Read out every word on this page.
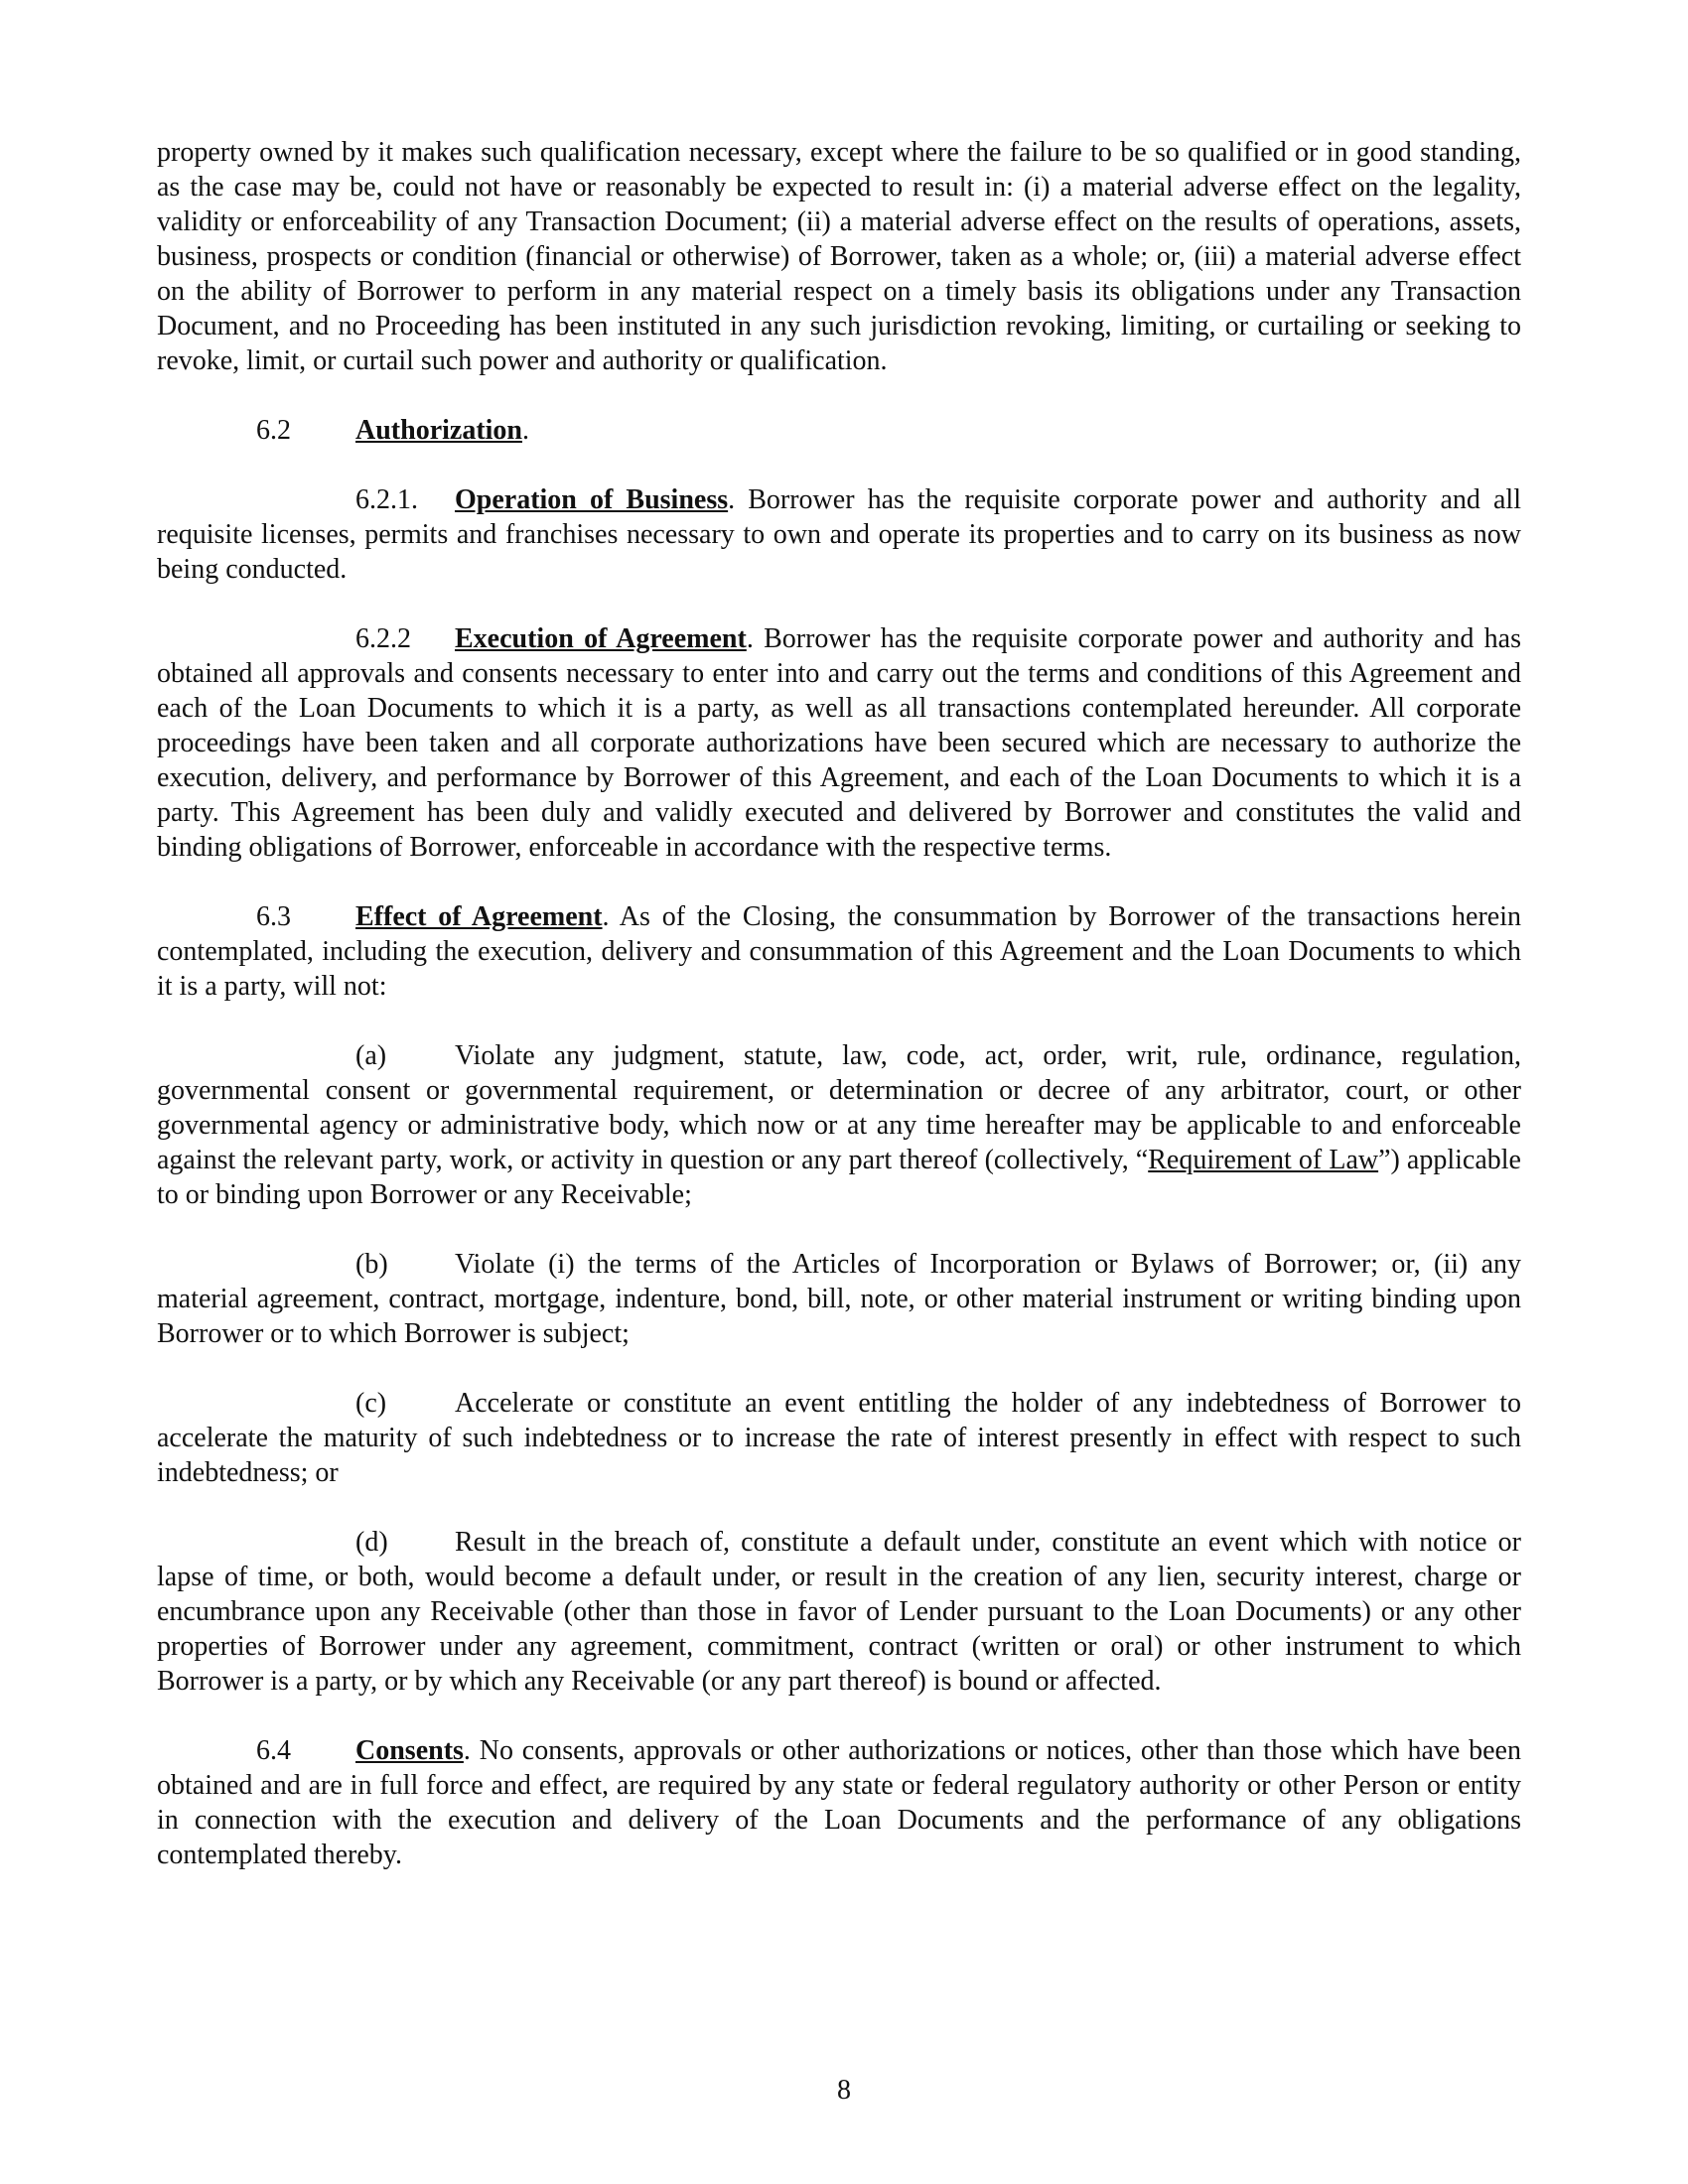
property owned by it makes such qualification necessary, except where the failure to be so qualified or in good standing, as the case may be, could not have or reasonably be expected to result in: (i) a material adverse effect on the legality, validity or enforceability of any Transaction Document; (ii) a material adverse effect on the results of operations, assets, business, prospects or condition (financial or otherwise) of Borrower, taken as a whole; or, (iii) a material adverse effect on the ability of Borrower to perform in any material respect on a timely basis its obligations under any Transaction Document, and no Proceeding has been instituted in any such jurisdiction revoking, limiting, or curtailing or seeking to revoke, limit, or curtail such power and authority or qualification.

6.2 Authorization.

6.2.1. Operation of Business. Borrower has the requisite corporate power and authority and all requisite licenses, permits and franchises necessary to own and operate its properties and to carry on its business as now being conducted.

6.2.2 Execution of Agreement. Borrower has the requisite corporate power and authority and has obtained all approvals and consents necessary to enter into and carry out the terms and conditions of this Agreement and each of the Loan Documents to which it is a party, as well as all transactions contemplated hereunder. All corporate proceedings have been taken and all corporate authorizations have been secured which are necessary to authorize the execution, delivery, and performance by Borrower of this Agreement, and each of the Loan Documents to which it is a party. This Agreement has been duly and validly executed and delivered by Borrower and constitutes the valid and binding obligations of Borrower, enforceable in accordance with the respective terms.

6.3 Effect of Agreement. As of the Closing, the consummation by Borrower of the transactions herein contemplated, including the execution, delivery and consummation of this Agreement and the Loan Documents to which it is a party, will not:

(a) Violate any judgment, statute, law, code, act, order, writ, rule, ordinance, regulation, governmental consent or governmental requirement, or determination or decree of any arbitrator, court, or other governmental agency or administrative body, which now or at any time hereafter may be applicable to and enforceable against the relevant party, work, or activity in question or any part thereof (collectively, “Requirement of Law”) applicable to or binding upon Borrower or any Receivable;

(b) Violate (i) the terms of the Articles of Incorporation or Bylaws of Borrower; or, (ii) any material agreement, contract, mortgage, indenture, bond, bill, note, or other material instrument or writing binding upon Borrower or to which Borrower is subject;

(c) Accelerate or constitute an event entitling the holder of any indebtedness of Borrower to accelerate the maturity of such indebtedness or to increase the rate of interest presently in effect with respect to such indebtedness; or

(d) Result in the breach of, constitute a default under, constitute an event which with notice or lapse of time, or both, would become a default under, or result in the creation of any lien, security interest, charge or encumbrance upon any Receivable (other than those in favor of Lender pursuant to the Loan Documents) or any other properties of Borrower under any agreement, commitment, contract (written or oral) or other instrument to which Borrower is a party, or by which any Receivable (or any part thereof) is bound or affected.

6.4 Consents. No consents, approvals or other authorizations or notices, other than those which have been obtained and are in full force and effect, are required by any state or federal regulatory authority or other Person or entity in connection with the execution and delivery of the Loan Documents and the performance of any obligations contemplated thereby.

8
